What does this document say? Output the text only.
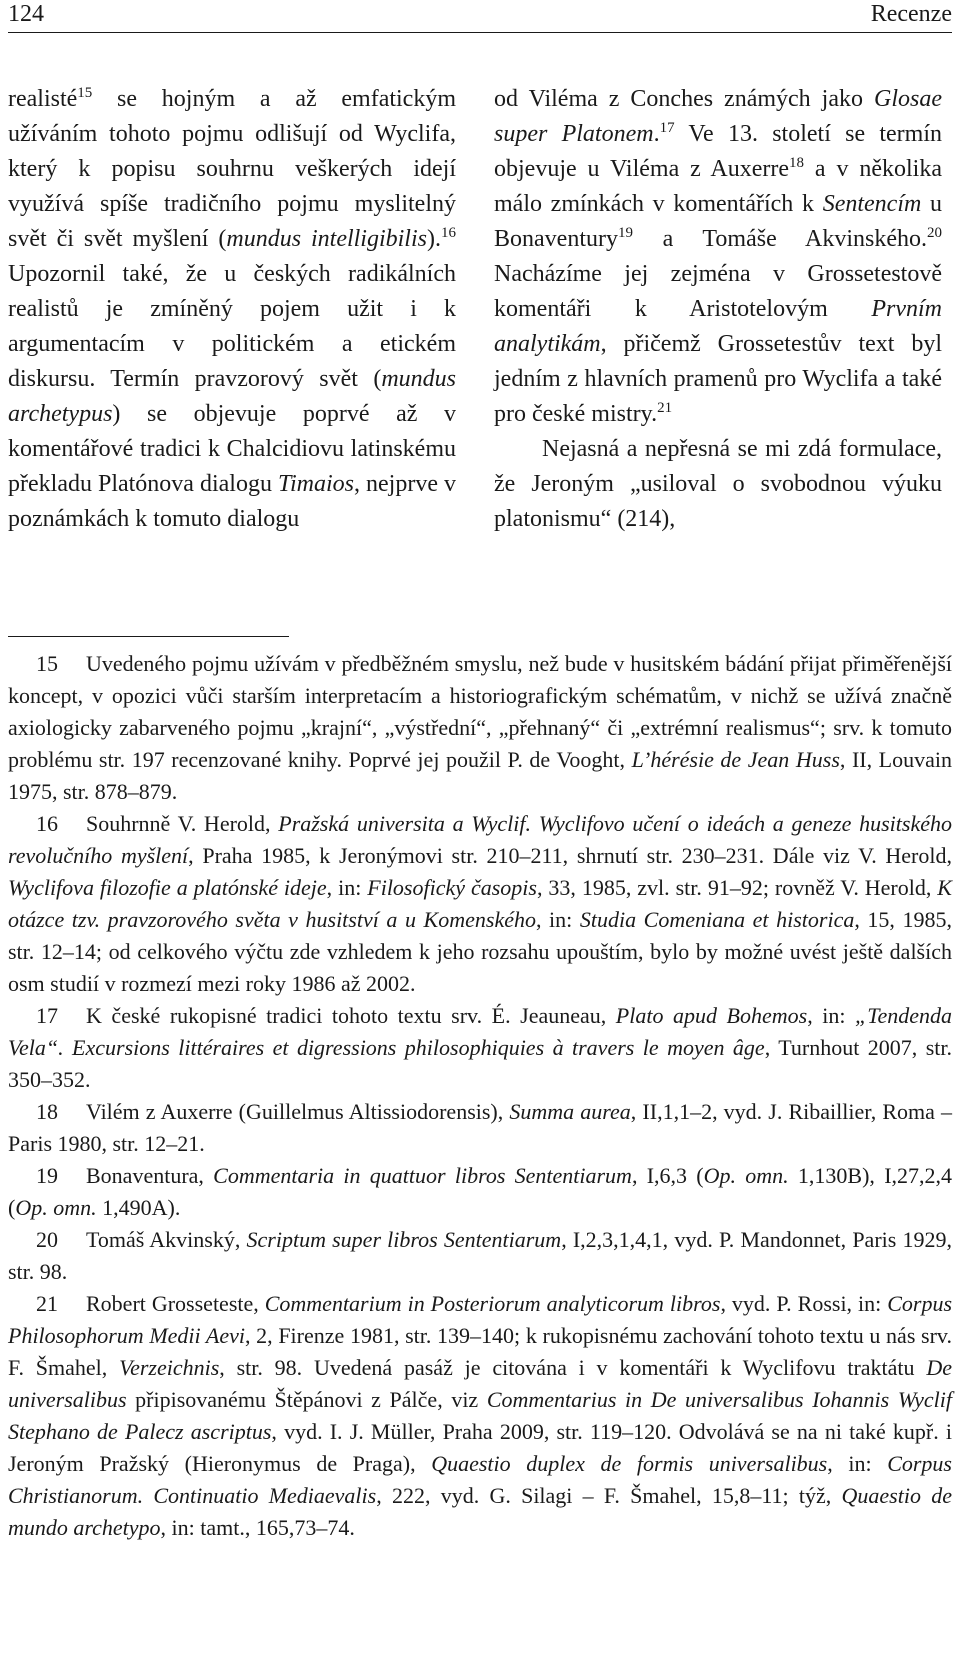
124	Recenze

realisté$^{15}$ se hojným a až emfatickým užíváním tohoto pojmu odlišují od Wyclifa, který k popisu souhrnu veškerých idejí využívá spíše tradičního pojmu myslitelný svět či svět myšlení (mundus intelligibilis).$^{16}$ Upozornil také, že u českých radikálních realistů je zmíněný pojem užit i k argumentacím v politickém a etickém diskursu. Termín pravzorový svět (mundus archetypus) se objevuje poprvé až v komentářové tradici k Chalcidiovu latinskému překladu Platónova dialogu Timaios, nejprve v poznámkách k tomuto dialogu

od Viléma z Conches známých jako Glosae super Platonem.$^{17}$ Ve 13. století se termín objevuje u Viléma z Auxerre$^{18}$ a v několika málo zmínkách v komentářích k Sentencím u Bonaventury$^{19}$ a Tomáše Akvinského.$^{20}$ Nacházíme jej zejména v Grossetestově komentáři k Aristotelovým Prvním analytikám, přičemž Grossetestův text byl jedním z hlavních pramenů pro Wyclifa a také pro české mistry.$^{21}$

Nejasná a nepřesná se mi zdá formulace, že Jeroným „usiloval o svobodnou výuku platonismu“ (214),

15 Uvedeného pojmu užívám v předběžném smyslu, než bude v husitském bádání přijat přiměřenější koncept, v opozici vůči starším interpretacím a historiografickým schématům, v nichž se užívá značně axiologicky zabarveného pojmu „krajní“, „výstřední“, „přehnaný“ či „extrémní realismus“; srv. k tomuto problému str. 197 recenzované knihy. Poprvé jej použil P. de Vooght, L’hérésie de Jean Huss, II, Louvain 1975, str. 878–879.

16 Souhrnně V. Herold, Pražská universita a Wyclif. Wyclifovo učení o ideách a geneze husitského revolučního myšlení, Praha 1985, k Jeronýmovi str. 210–211, shrnutí str. 230–231. Dále viz V. Herold, Wyclifova filozofie a platónské ideje, in: Filosofický časopis, 33, 1985, zvl. str. 91–92; rovněž V. Herold, K otázce tzv. pravzorového světa v husitství a u Komenského, in: Studia Comeniana et historica, 15, 1985, str. 12–14; od celkového výčtu zde vzhledem k jeho rozsahu upouštím, bylo by možné uvést ještě dalších osm studií v rozmezí mezi roky 1986 až 2002.

17 K české rukopisné tradici tohoto textu srv. É. Jeauneau, Plato apud Bohemos, in: „Tendenda Vela“. Excursions littéraires et digressions philosophiquies à travers le moyen âge, Turnhout 2007, str. 350–352.

18 Vilém z Auxerre (Guillelmus Altissiodorensis), Summa aurea, II,1,1–2, vyd. J. Ribaillier, Roma – Paris 1980, str. 12–21.

19 Bonaventura, Commentaria in quattuor libros Sententiarum, I,6,3 (Op. omn. 1,130B), I,27,2,4 (Op. omn. 1,490A).

20 Tomáš Akvinský, Scriptum super libros Sententiarum, I,2,3,1,4,1, vyd. P. Mandonnet, Paris 1929, str. 98.

21 Robert Grosseteste, Commentarium in Posteriorum analyticorum libros, vyd. P. Rossi, in: Corpus Philosophorum Medii Aevi, 2, Firenze 1981, str. 139–140; k rukopisnému zachování tohoto textu u nás srv. F. Šmahel, Verzeichnis, str. 98. Uvedená pasáž je citována i v komentáři k Wyclifovu traktátu De universalibus připisovanému Štěpánovi z Pálče, viz Commentarius in De universalibus Iohannis Wyclif Stephano de Palecz ascriptus, vyd. I. J. Müller, Praha 2009, str. 119–120. Odvolává se na ni také kupř. i Jeroným Pražský (Hieronymus de Praga), Quaestio duplex de formis universalibus, in: Corpus Christianorum. Continuatio Mediaevalis, 222, vyd. G. Silagi – F. Šmahel, 15,8–11; týž, Quaestio de mundo archetypo, in: tamt., 165,73–74.
